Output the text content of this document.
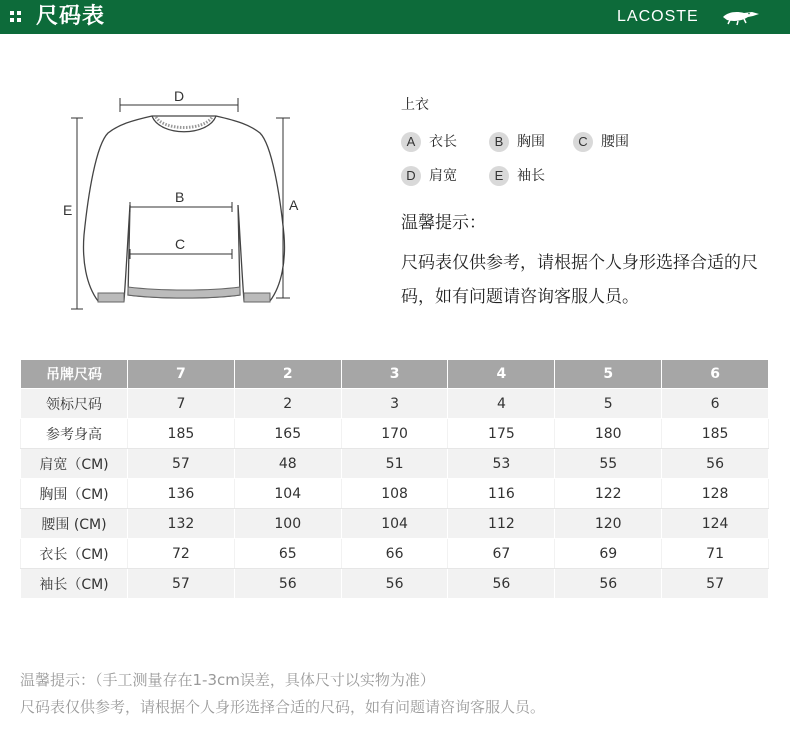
尺码表	LACOSTE
D
B
C
E	A
上衣
A 衣长	B 胸围	C 腰围
D 肩宽	E 袖长
温馨提示：
尺码表仅供参考，请根据个人身形选择合适的尺码，如有问题请咨询客服人员。
吊牌尺码	7	2	3	4	5	6
领标尺码	7	2	3	4	5	6
参考身高	185	165	170	175	180	185
肩宽（CM)	57	48	51	53	55	56
胸围（CM)	136	104	108	116	122	128
腰围 (CM)	132	100	104	112	120	124
衣长（CM)	72	65	66	67	69	71
袖长（CM)	57	56	56	56	56	57
温馨提示：（手工测量存在1-3cm误差，具体尺寸以实物为准）
尺码表仅供参考，请根据个人身形选择合适的尺码，如有问题请咨询客服人员。
